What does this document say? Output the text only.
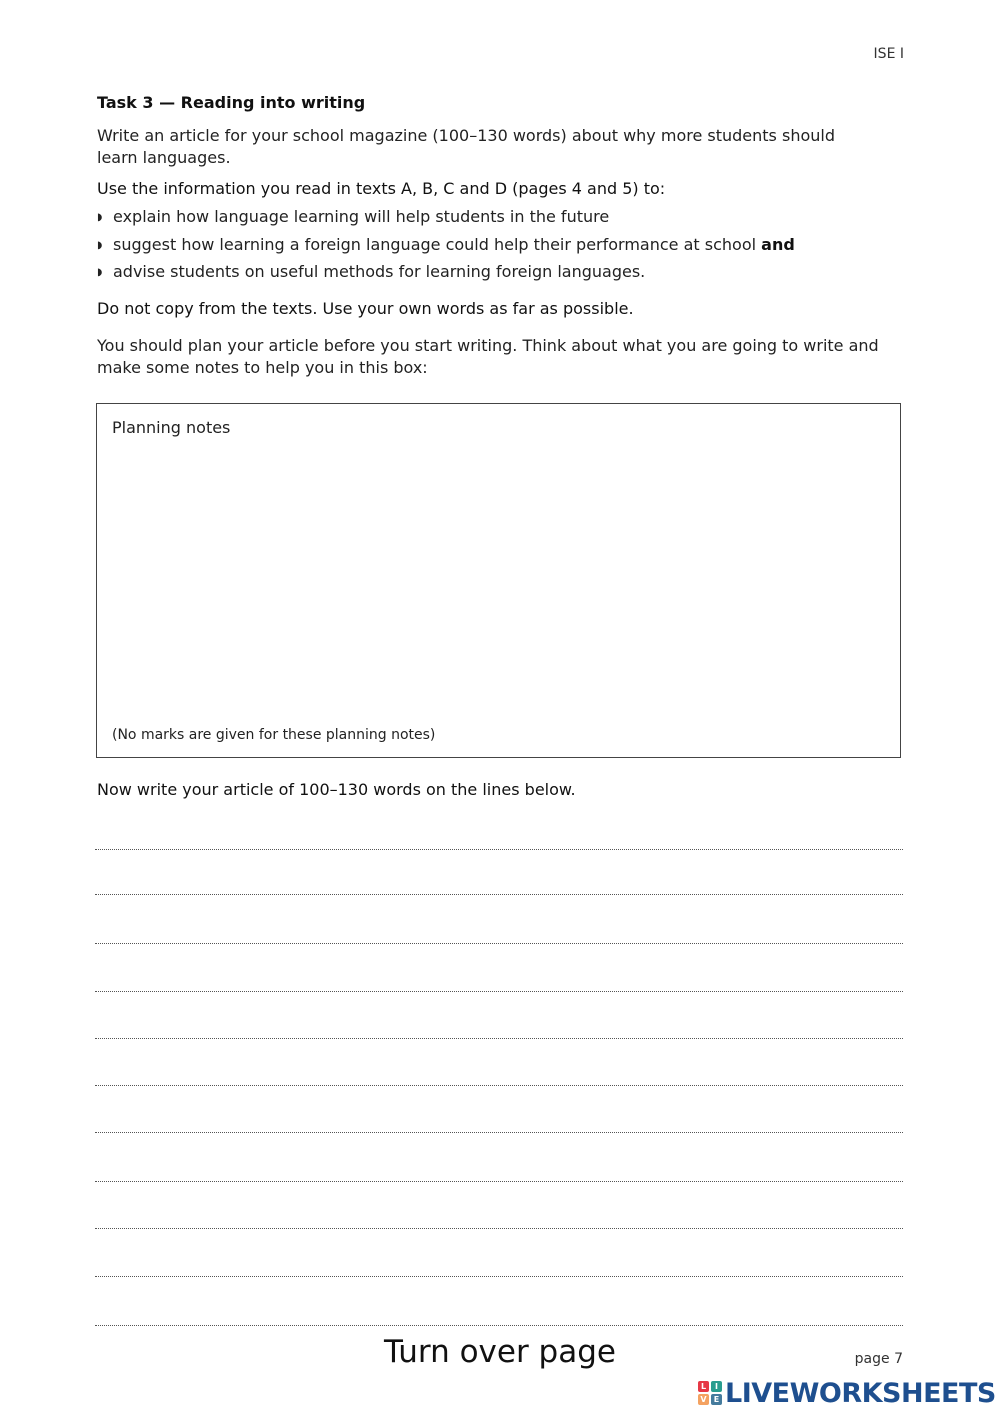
ISE I
Task 3 — Reading into writing
Write an article for your school magazine (100–130 words) about why more students should learn languages.
Use the information you read in texts A, B, C and D (pages 4 and 5) to:
◗ explain how language learning will help students in the future
◗ suggest how learning a foreign language could help their performance at school and
◗ advise students on useful methods for learning foreign languages.
Do not copy from the texts. Use your own words as far as possible.
You should plan your article before you start writing. Think about what you are going to write and make some notes to help you in this box:
Planning notes
(No marks are given for these planning notes)
Now write your article of 100–130 words on the lines below.
Turn over page	page 7
L	I
V E LIVEWORKSHEETS
